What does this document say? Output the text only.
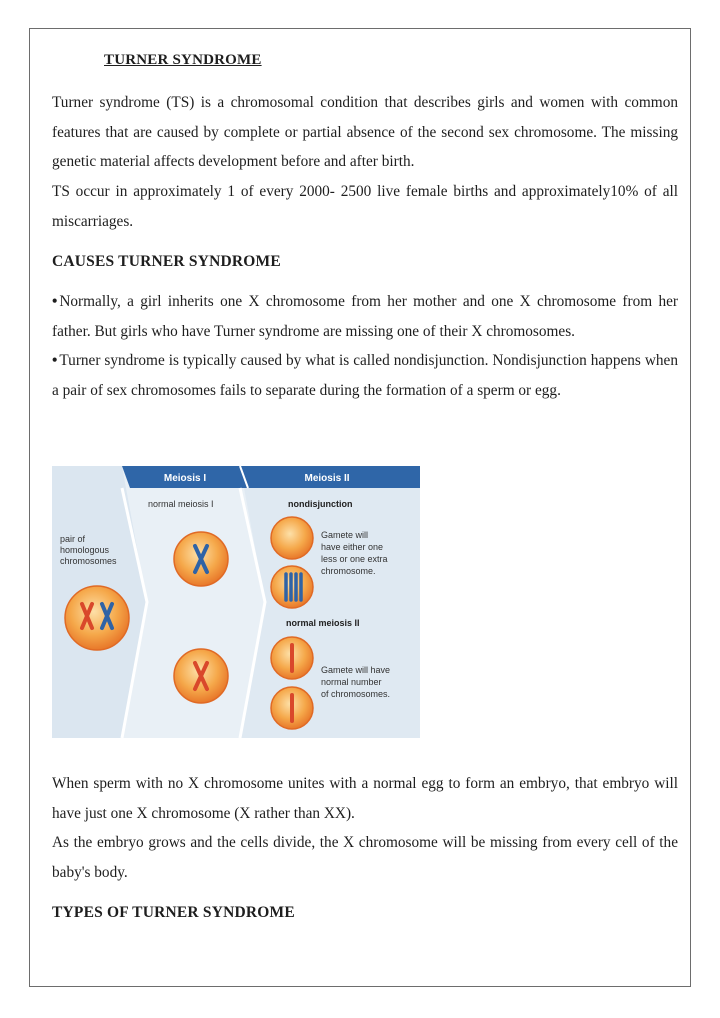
TURNER SYNDROME

Turner syndrome (TS) is a chromosomal condition that describes girls and women with common features that are caused by complete or partial absence of the second sex chromosome. The missing genetic material affects development before and after birth.

TS occur in approximately 1 of every 2000- 2500 live female births and approximately10% of all miscarriages.

CAUSES TURNER SYNDROME

• Normally, a girl inherits one X chromosome from her mother and one X chromosome from her father. But girls who have Turner syndrome are missing one of their X chromosomes.

• Turner syndrome is typically caused by what is called nondisjunction. Nondisjunction happens when a pair of sex chromosomes fails to separate during the formation of a sperm or egg.

Meiosis I	Meiosis II
normal meiosis I
pair of homologous chromosomes
nondisjunction
Gamete will have either one less or one extra chromosome.
normal meiosis II
Gamete will have normal number of chromosomes.

When sperm with no X chromosome unites with a normal egg to form an embryo, that embryo will have just one X chromosome (X rather than XX).

As the embryo grows and the cells divide, the X chromosome will be missing from every cell of the baby's body.

TYPES OF TURNER SYNDROME
